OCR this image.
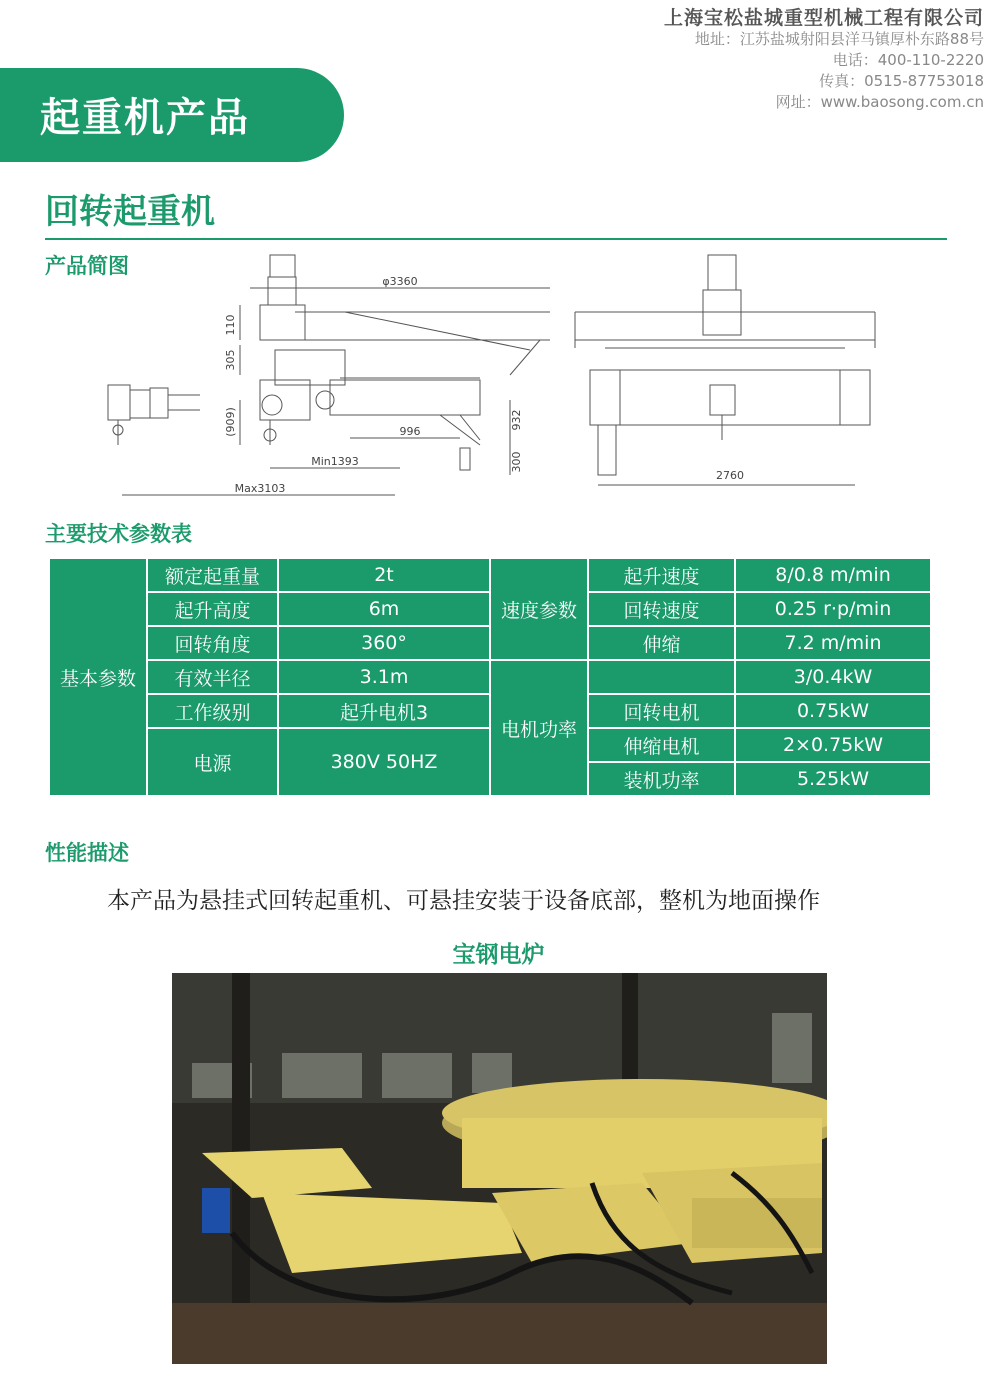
上海宝松盐城重型机械工程有限公司
地址：江苏盐城射阳县洋马镇厚朴东路88号
电话：400-110-2220
传真：0515-87753018
网址：www.baosong.com.cn
起重机产品
回转起重机
产品简图
φ3360
110
305
(909)	996
932
300
Min1393
Max3103
2760
主要技术参数表
基本参数	额定起重量	2t	速度参数	起升速度	8/0.8 m/min
	起升高度	6m		回转速度	0.25 r·p/min
	回转角度	360°		伸缩	7.2 m/min
	有效半径	3.1m	电机功率		3/0.4kW
	工作级别	起升电机3		回转电机	0.75kW
	电源	380V 50HZ		伸缩电机	2×0.75kW
				装机功率	5.25kW
性能描述
本产品为悬挂式回转起重机、可悬挂安装于设备底部，整机为地面操作
宝钢电炉
